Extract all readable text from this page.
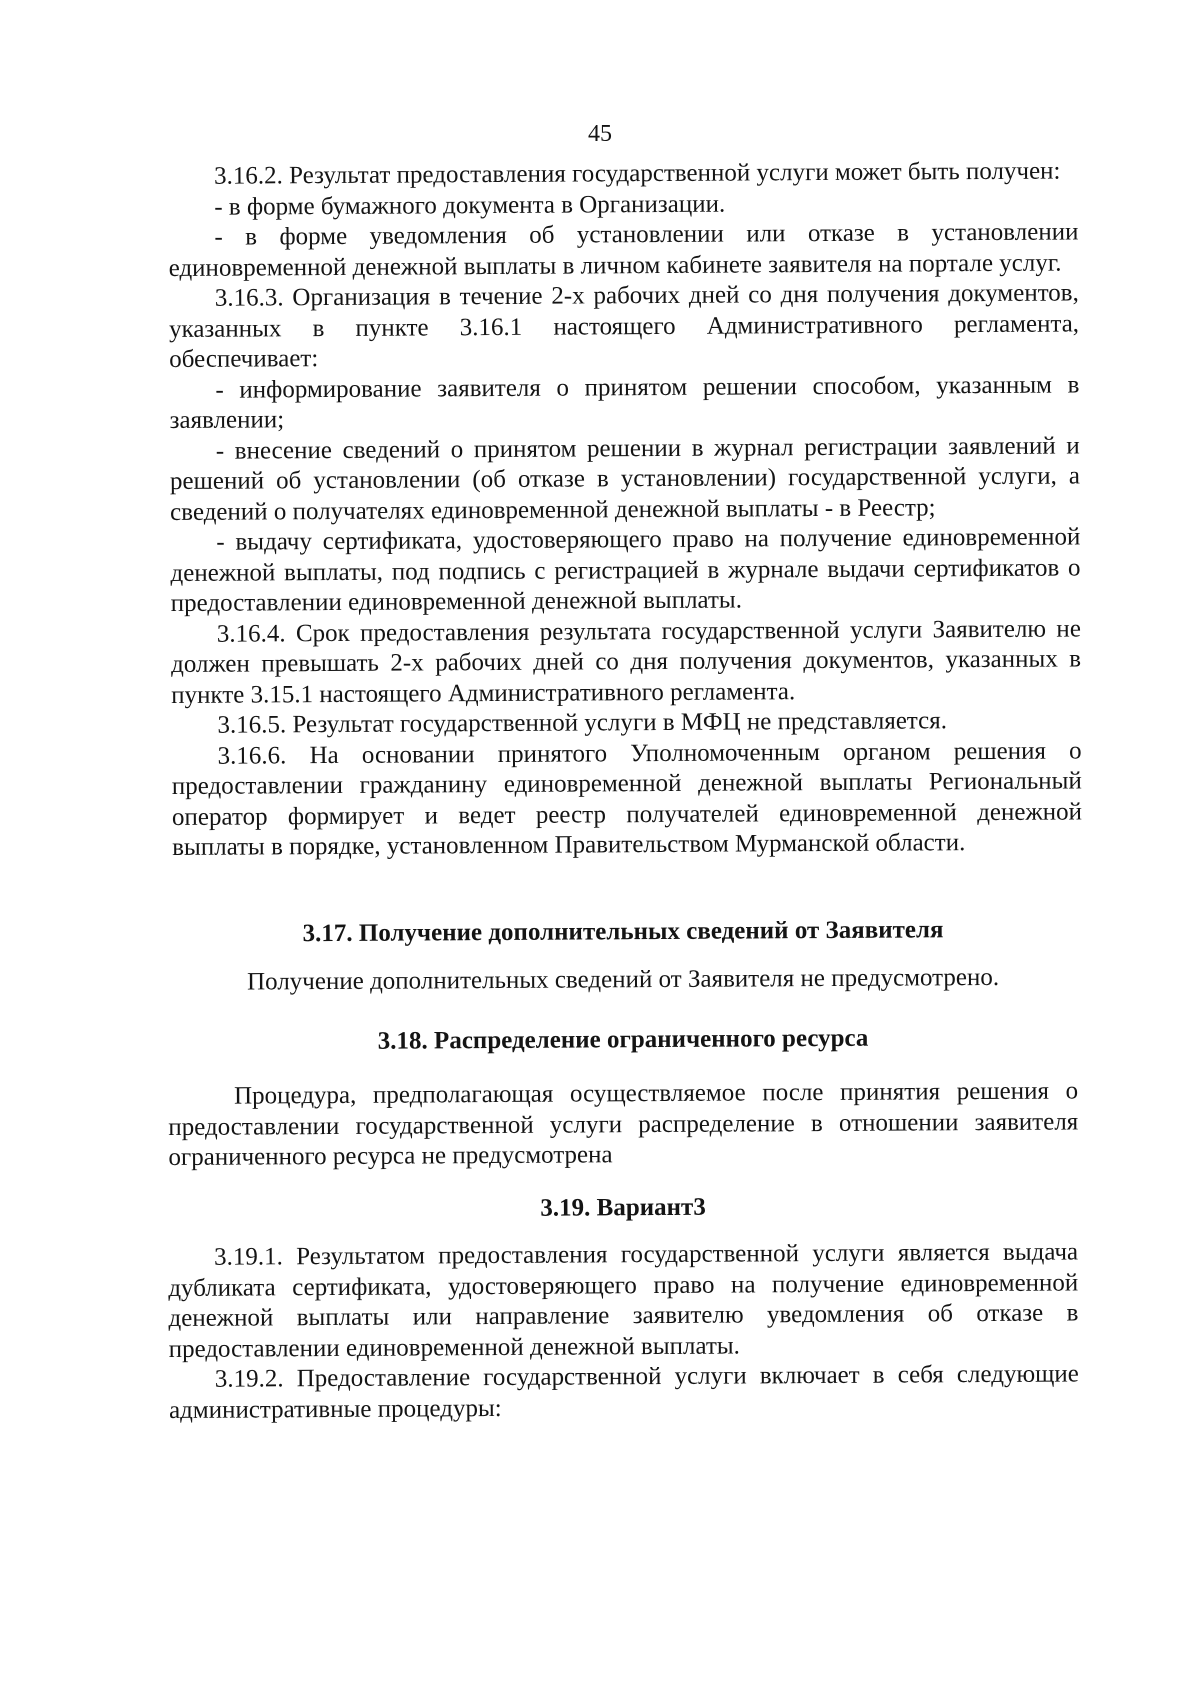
45

3.16.2. Результат предоставления государственной услуги может быть получен:

- в форме бумажного документа в Организации.

- в форме уведомления об установлении или отказе в установлении единовременной денежной выплаты в личном кабинете заявителя на портале услуг.

3.16.3. Организация в течение 2-х рабочих дней со дня получения документов, указанных в пункте 3.16.1 настоящего Административного регламента, обеспечивает:

- информирование заявителя о принятом решении способом, указанным в заявлении;

- внесение сведений о принятом решении в журнал регистрации заявлений и решений об установлении (об отказе в установлении) государственной услуги, а сведений о получателях единовременной денежной выплаты - в Реестр;

- выдачу сертификата, удостоверяющего право на получение единовременной денежной выплаты, под подпись с регистрацией в журнале выдачи сертификатов о предоставлении единовременной денежной выплаты.

3.16.4. Срок предоставления результата государственной услуги Заявителю не должен превышать 2-х рабочих дней со дня получения документов, указанных в пункте 3.15.1 настоящего Административного регламента.

3.16.5. Результат государственной услуги в МФЦ не представляется.

3.16.6. На основании принятого Уполномоченным органом решения о предоставлении гражданину единовременной денежной выплаты Региональный оператор формирует и ведет реестр получателей единовременной денежной выплаты в порядке, установленном Правительством Мурманской области.

3.17. Получение дополнительных сведений от Заявителя

Получение дополнительных сведений от Заявителя не предусмотрено.

3.18. Распределение ограниченного ресурса

Процедура, предполагающая осуществляемое после принятия решения о предоставлении государственной услуги распределение в отношении заявителя ограниченного ресурса не предусмотрена

3.19. Вариант3

3.19.1. Результатом предоставления государственной услуги является выдача дубликата сертификата, удостоверяющего право на получение единовременной денежной выплаты или направление заявителю уведомления об отказе в предоставлении единовременной денежной выплаты.

3.19.2. Предоставление государственной услуги включает в себя следующие административные процедуры:
